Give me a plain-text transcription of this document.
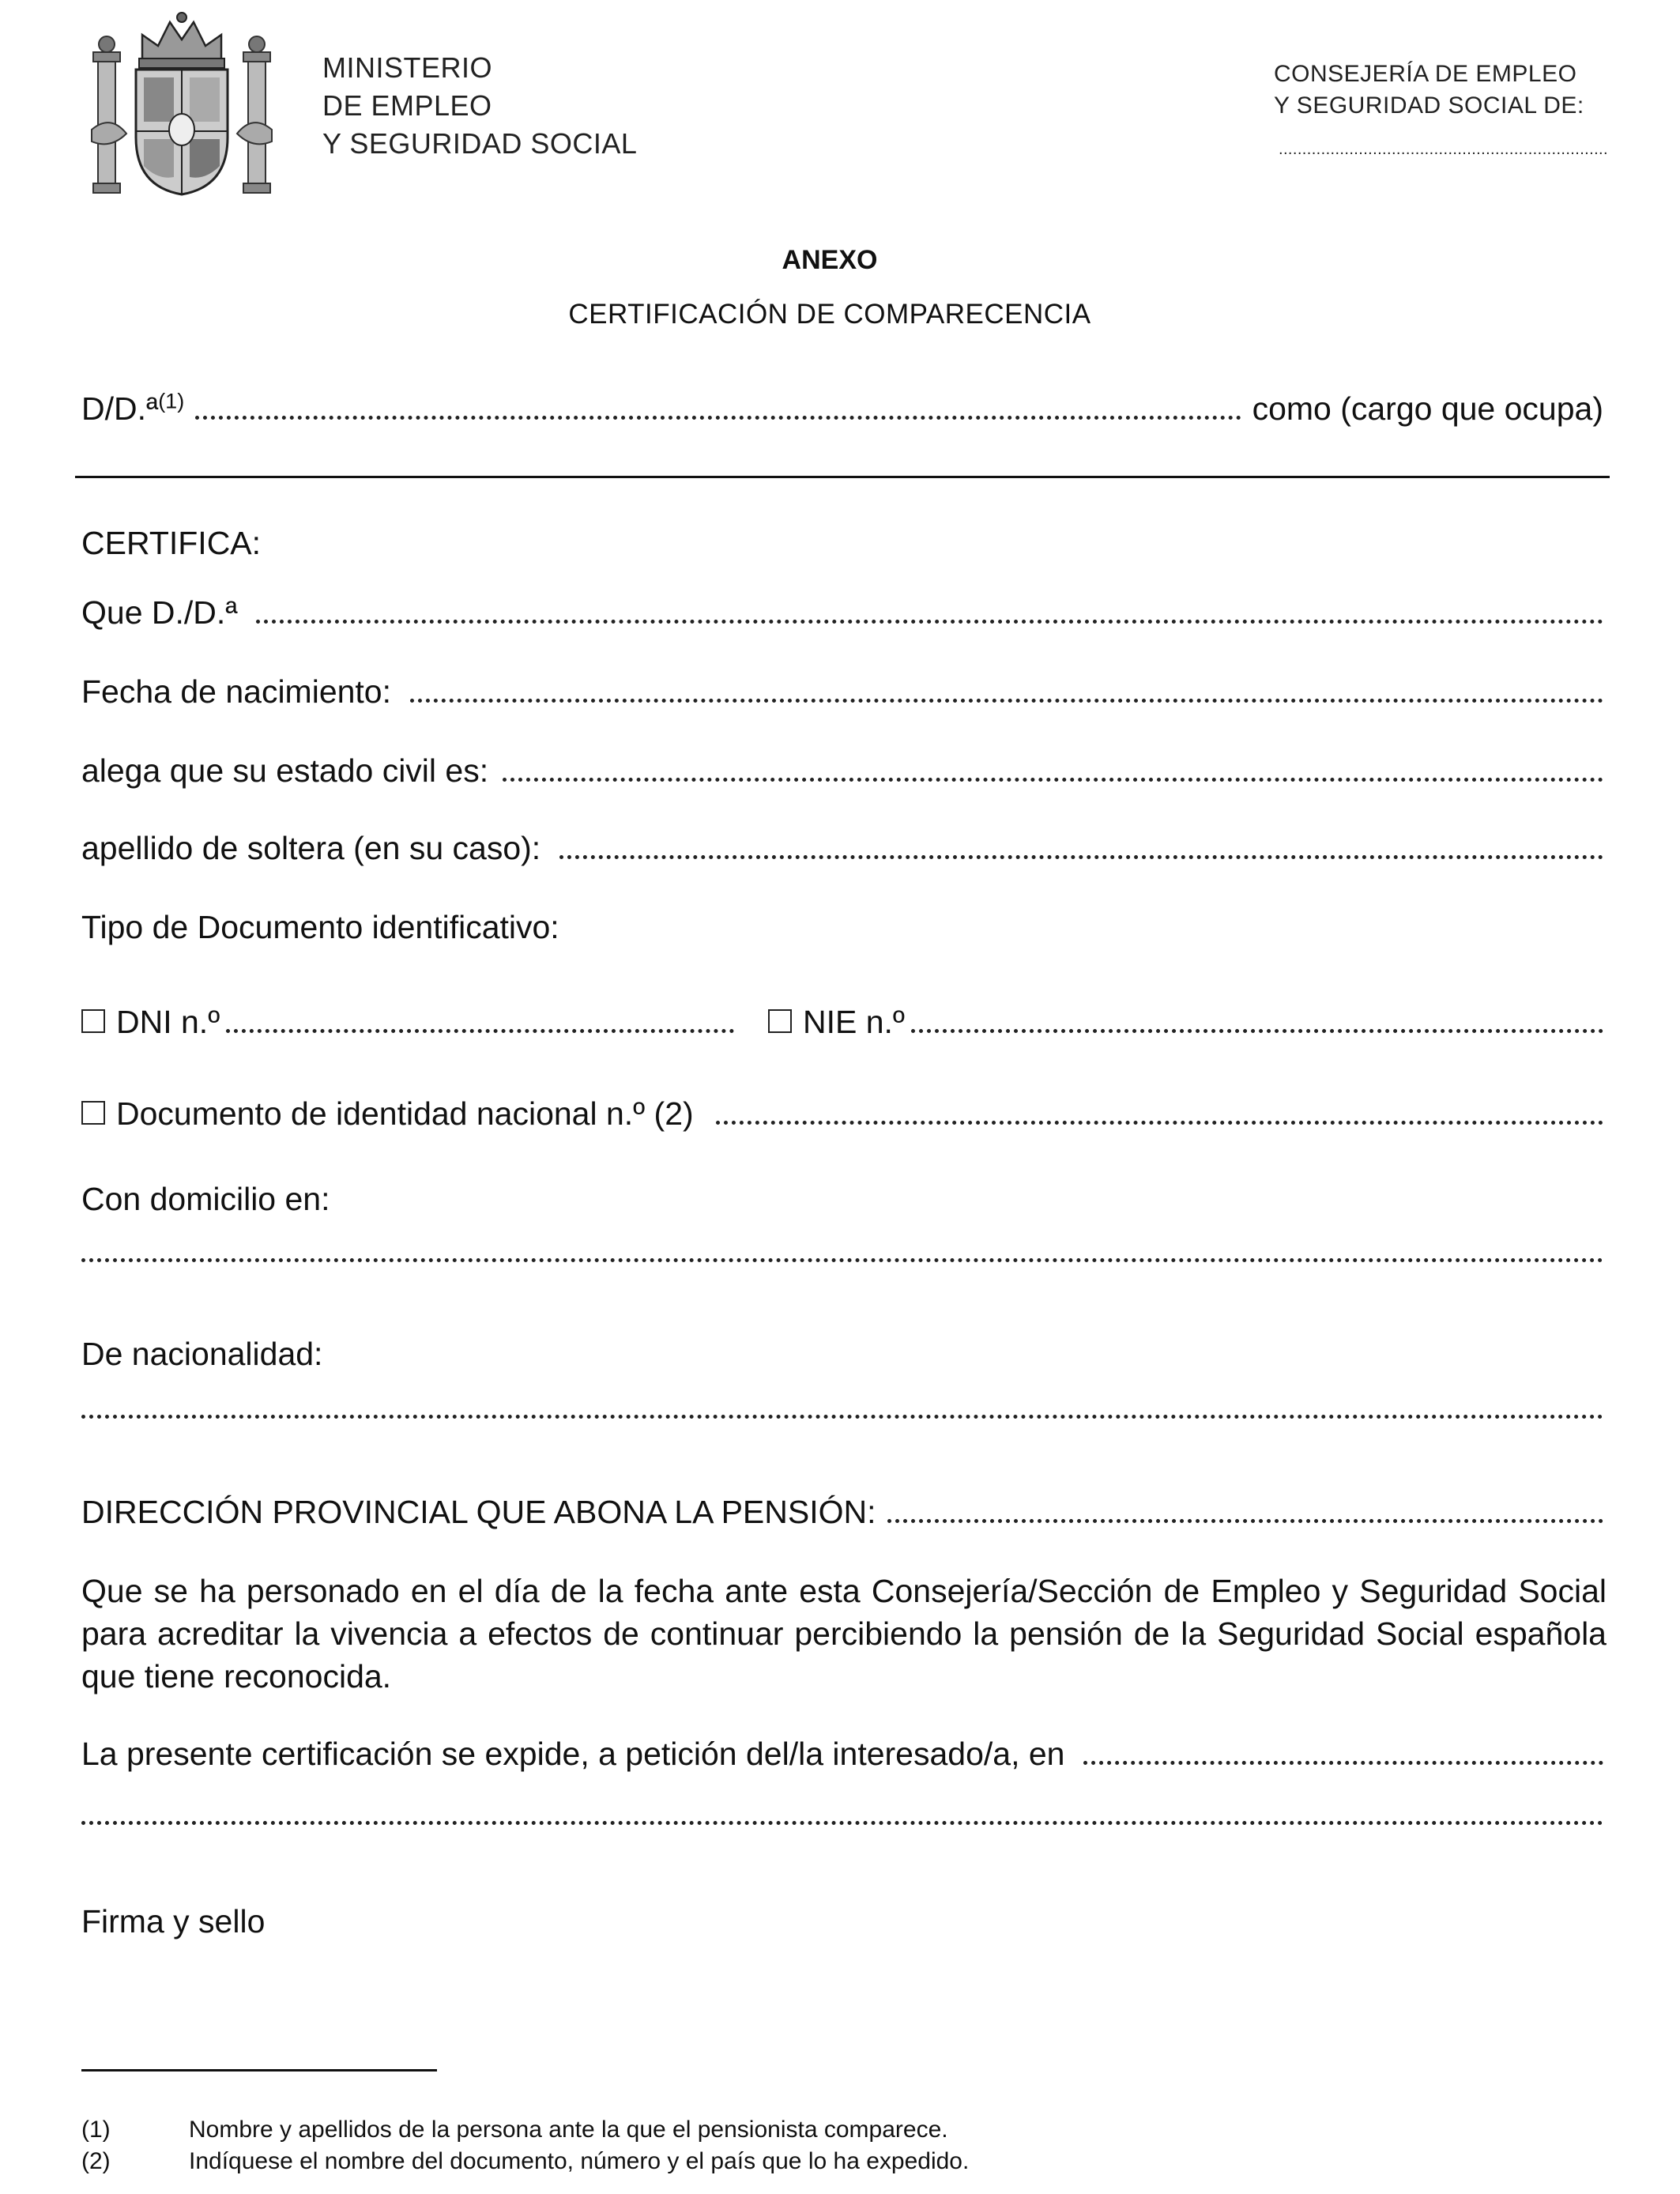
MINISTERIO
DE EMPLEO
Y SEGURIDAD SOCIAL
CONSEJERÍA DE EMPLEO
Y SEGURIDAD SOCIAL DE:
......................................................................
ANEXO
CERTIFICACIÓN DE COMPARECENCIA
D/D.ª$^{(1)}$	como (cargo que ocupa)
CERTIFICA:
Que D./D.ª
Fecha de nacimiento:
alega que su estado civil es:
apellido de soltera (en su caso):
Tipo de Documento identificativo:
DNI n.º	NIE n.º
Documento de identidad nacional n.º (2)
Con domicilio en:
De nacionalidad:
DIRECCIÓN PROVINCIAL QUE ABONA LA PENSIÓN:
Que se ha personado en el día de la fecha ante esta Consejería/Sección de Empleo y Seguridad Social para acreditar la vivencia a efectos de continuar percibiendo la pensión de la Seguridad Social española que tiene reconocida.
La presente certificación se expide, a petición del/la interesado/a, en
Firma y sello
(1)	Nombre y apellidos de la persona ante la que el pensionista comparece.
(2)	Indíquese el nombre del documento, número y el país que lo ha expedido.
